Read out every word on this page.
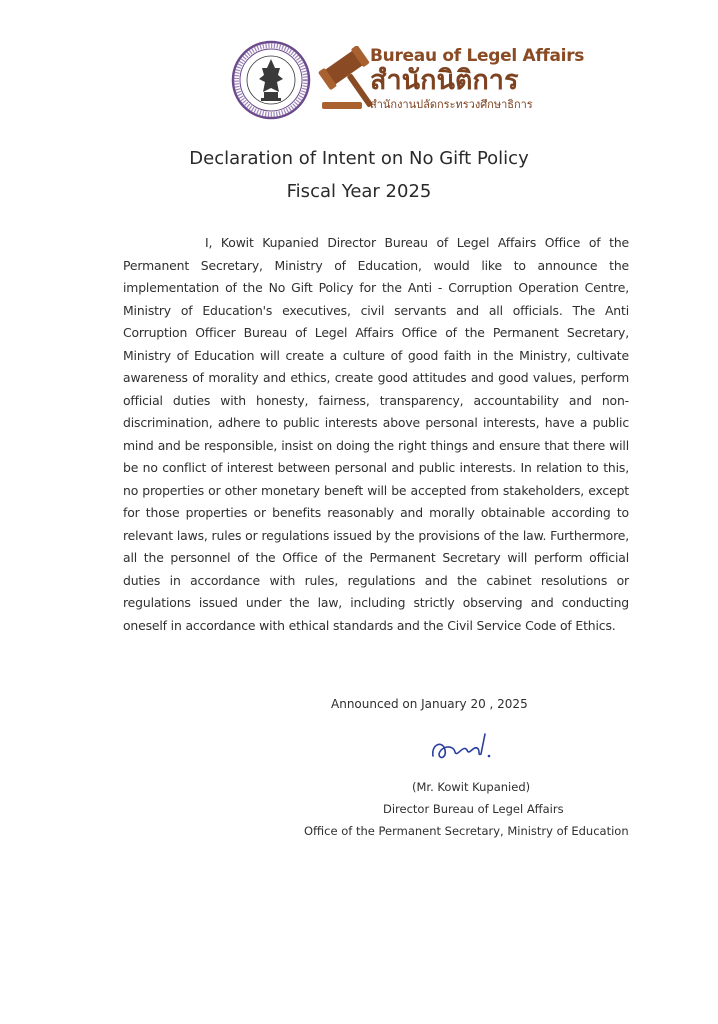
Bureau of Legel Affairs
สำนักนิติการ
สำนักงานปลัดกระทรวงศึกษาธิการ
Declaration of Intent on No Gift Policy
Fiscal Year 2025
I, Kowit Kupanied Director Bureau of Legel Affairs Office of the Permanent Secretary, Ministry of Education, would like to announce the implementation of the No Gift Policy for the Anti - Corruption Operation Centre, Ministry of Education's executives, civil servants and all officials. The Anti Corruption Officer Bureau of Legel Affairs Office of the Permanent Secretary, Ministry of Education will create a culture of good faith in the Ministry, cultivate awareness of morality and ethics, create good attitudes and good values, perform official duties with honesty, fairness, transparency, accountability and non-discrimination, adhere to public interests above personal interests, have a public mind and be responsible, insist on doing the right things and ensure that there will be no conflict of interest between personal and public interests. In relation to this, no properties or other monetary beneft will be accepted from stakeholders, except for those properties or benefits reasonably and morally obtainable according to relevant laws, rules or regulations issued by the provisions of the law. Furthermore, all the personnel of the Office of the Permanent Secretary will perform official duties in accordance with rules, regulations and the cabinet resolutions or regulations issued under the law, including strictly observing and conducting oneself in accordance with ethical standards and the Civil Service Code of Ethics.
Announced on January 20 , 2025
(Mr. Kowit Kupanied)
Director Bureau of Legel Affairs
Office of the Permanent Secretary, Ministry of Education
